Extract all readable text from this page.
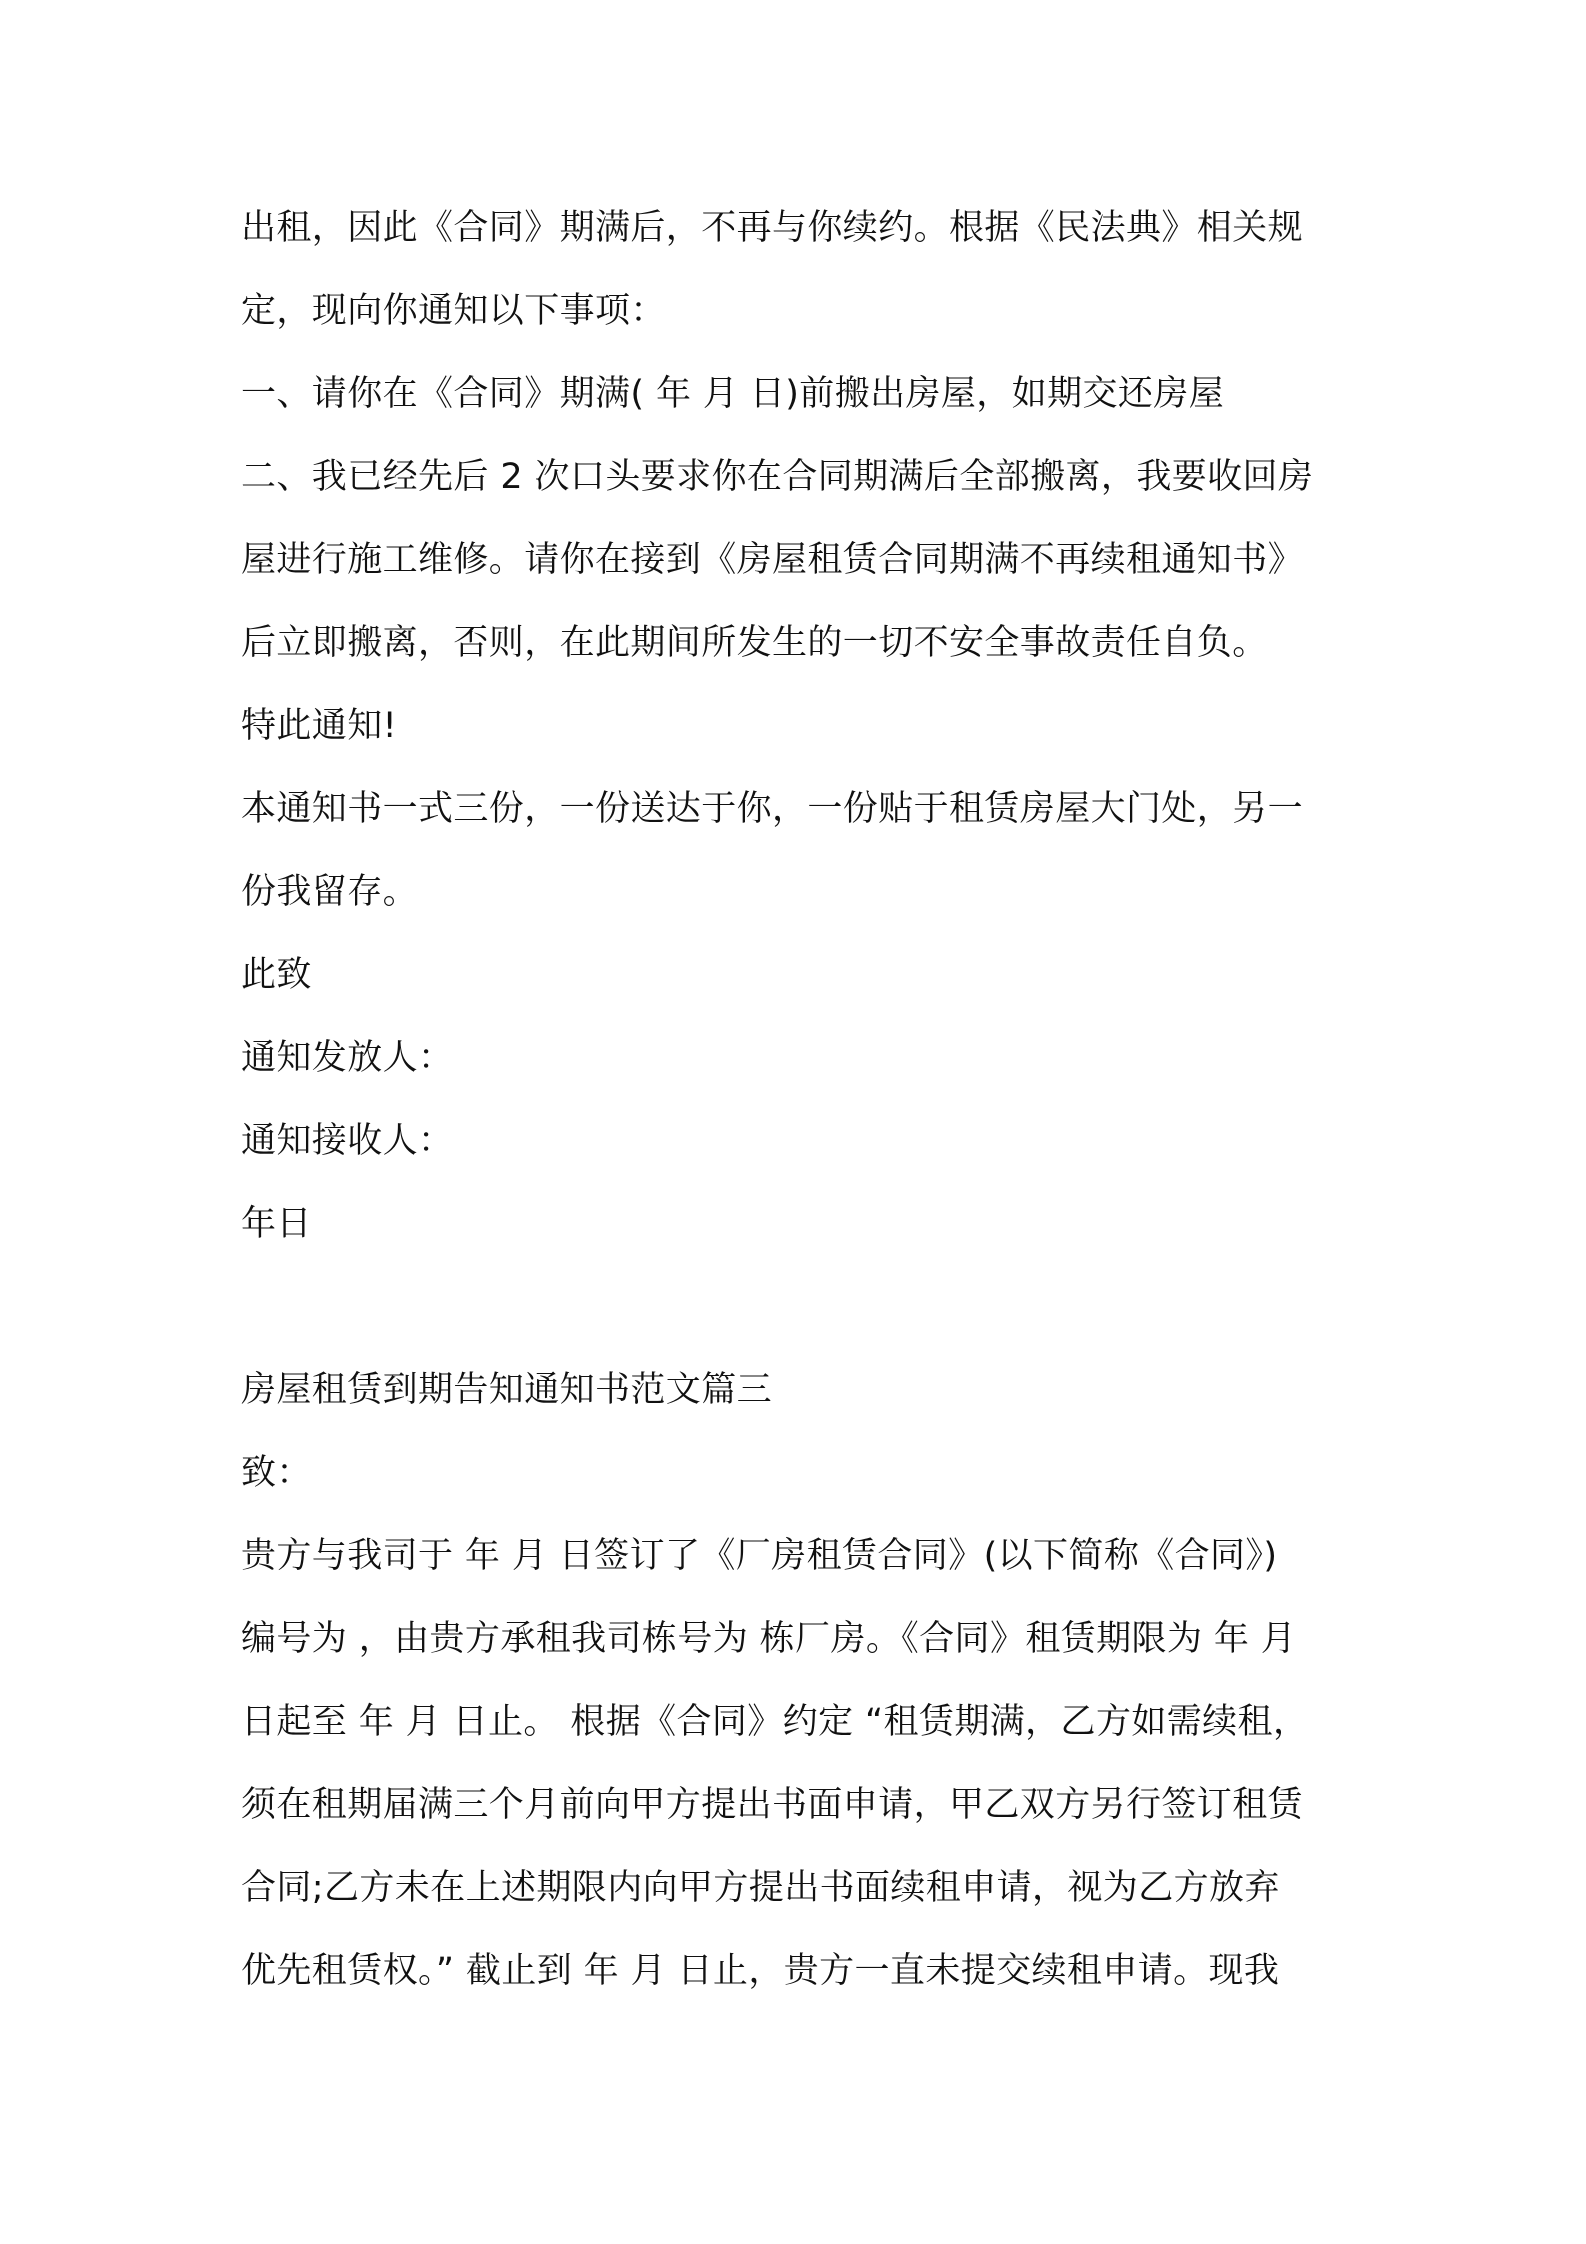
出租，因此《合同》期满后，不再与你续约。根据《民法典》相关规
定，现向你通知以下事项：
一、请你在《合同》期满( 年 月 日)前搬出房屋，如期交还房屋
二、我已经先后 2 次口头要求你在合同期满后全部搬离，我要收回房
屋进行施工维修。请你在接到《房屋租赁合同期满不再续租通知书》
后立即搬离，否则，在此期间所发生的一切不安全事故责任自负。
特此通知!
本通知书一式三份，一份送达于你，一份贴于租赁房屋大门处，另一
份我留存。
此致
通知发放人：
通知接收人：
年日
房屋租赁到期告知通知书范文篇三
致：
贵方与我司于 年 月 日签订了《厂房租赁合同》(以下简称《合同》)
编号为 ，由贵方承租我司栋号为 栋厂房。《合同》租赁期限为 年 月
日起至 年 月 日止。 根据《合同》约定 “租赁期满，乙方如需续租，
须在租期届满三个月前向甲方提出书面申请，甲乙双方另行签订租赁
合同;乙方未在上述期限内向甲方提出书面续租申请，视为乙方放弃
优先租赁权。” 截止到 年 月 日止，贵方一直未提交续租申请。现我
